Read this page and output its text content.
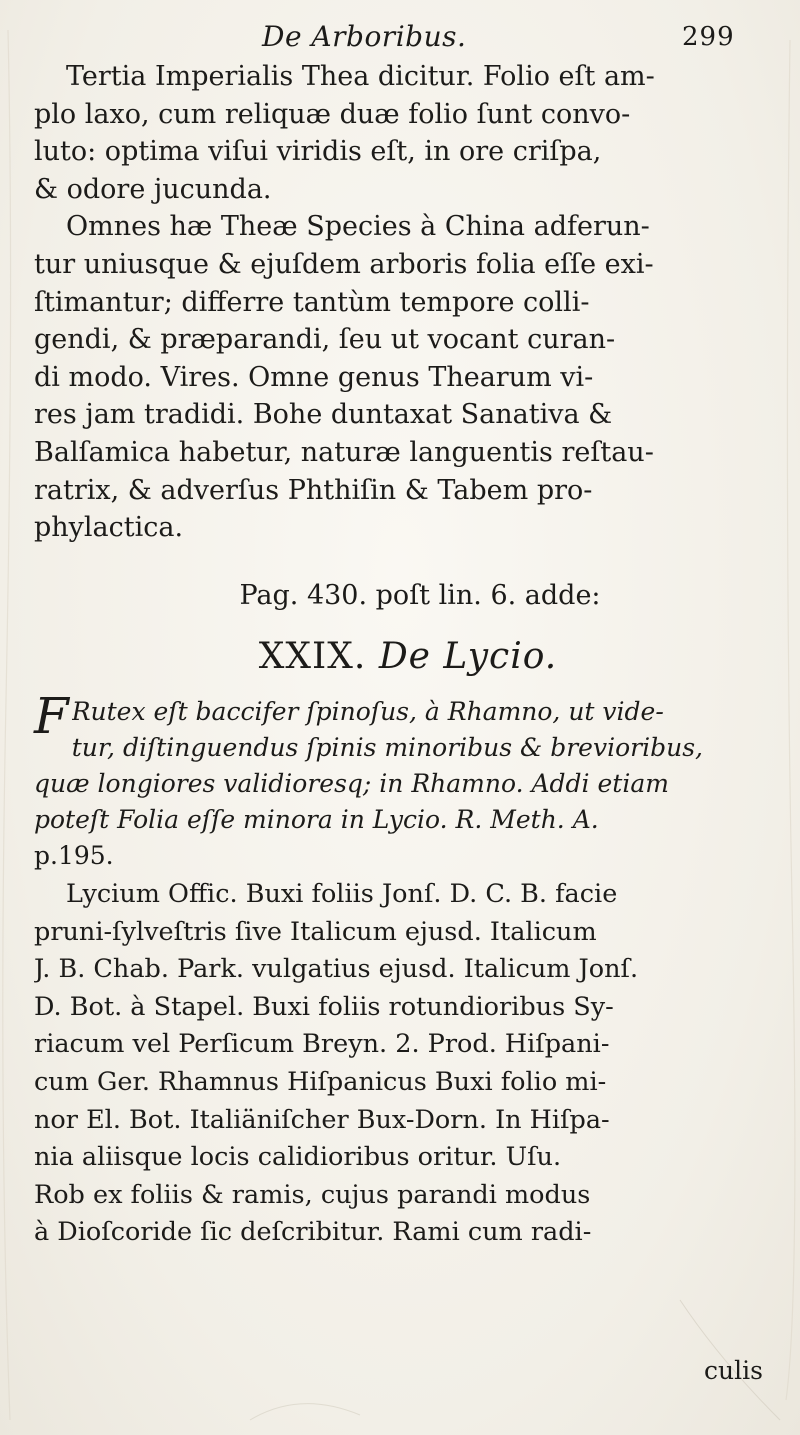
De Arboribus.	299
Tertia Imperialis Thea dicitur. Folio eſt am-
plo laxo, cum reliquæ duæ folio ſunt convo-
luto: optima viſui viridis eſt, in ore criſpa,
& odore jucunda.
Omnes hæ Theæ Species à China adferun-
tur uniusque & ejuſdem arboris folia eſſe exi-
ſtimantur; differre tantùm tempore colli-
gendi, & præparandi, ſeu ut vocant curan-
di modo. Vires. Omne genus Thearum vi-
res jam tradidi. Bohe duntaxat Sanativa &
Balſamica habetur, naturæ languentis reſtau-
ratrix, & adverſus Phthiſin & Tabem pro-
phylactica.
Pag. 430. poſt lin. 6. adde:
XXIX. De Lycio.
F Rutex eſt baccifer ſpinoſus, à Rhamno, ut vide-
tur, diſtinguendus ſpinis minoribus & brevioribus,
quæ longiores validioresq; in Rhamno. Addi etiam
poteſt Folia eſſe minora in Lycio. R. Meth. A.
p.195.
Lycium Offic. Buxi foliis Jonſ. D. C. B. facie
pruni-ſylveſtris ſive Italicum ejusd. Italicum
J. B. Chab. Park. vulgatius ejusd. Italicum Jonſ.
D. Bot. à Stapel. Buxi foliis rotundioribus Sy-
riacum vel Perſicum Breyn. 2. Prod. Hiſpani-
cum Ger. Rhamnus Hiſpanicus Buxi folio mi-
nor El. Bot. Italiäniſcher Bux-Dorn. In Hiſpa-
nia aliisque locis calidioribus oritur. Uſu.
Rob ex foliis & ramis, cujus parandi modus
à Dioſcoride ſic deſcribitur. Rami cum radi-
culis
